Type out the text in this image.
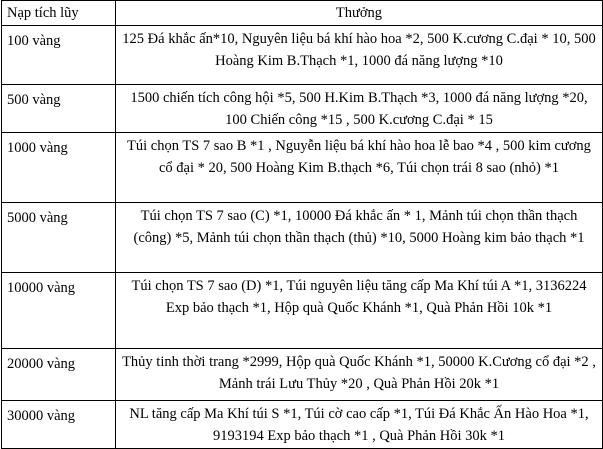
Nạp tích lũy	Thưởng
100 vàng	125 Đá khắc ấn*10, Nguyên liệu bá khí hào hoa *2, 500 K.cương C.đại * 10, 500 Hoàng Kim B.Thạch *1, 1000 đá năng lượng *10
500 vàng	1500 chiến tích công hội *5, 500 H.Kim B.Thạch *3, 1000 đá năng lượng *20, 100 Chiến công *15 , 500 K.cương C.đại * 15
1000 vàng	Túi chọn TS 7 sao B *1 , Nguyễn liệu bá khí hào hoa lễ bao *4 , 500 kim cương cổ đại * 20, 500 Hoàng Kim B.thạch *6, Túi chọn trái 8 sao (nhỏ) *1
5000 vàng	Túi chọn TS 7 sao (C) *1, 10000 Đá khắc ấn * 1, Mảnh túi chọn thần thạch (công) *5, Mảnh túi chọn thần thạch (thủ) *10, 5000 Hoàng kim bảo thạch *1
10000 vàng	Túi chọn TS 7 sao (D) *1, Túi nguyên liệu tăng cấp Ma Khí túi A *1, 3136224 Exp bảo thạch *1, Hộp quà Quốc Khánh *1, Quà Phản Hồi 10k *1
20000 vàng	Thủy tinh thời trang *2999, Hộp quà Quốc Khánh *1, 50000 K.Cương cổ đại *2 , Mảnh trái Lưu Thủy *20 , Quà Phản Hồi 20k *1
30000 vàng	NL tăng cấp Ma Khí túi S *1, Túi cờ cao cấp *1, Túi Đá Khắc Ấn Hào Hoa *1, 9193194 Exp bảo thạch *1 , Quà Phản Hồi 30k *1
